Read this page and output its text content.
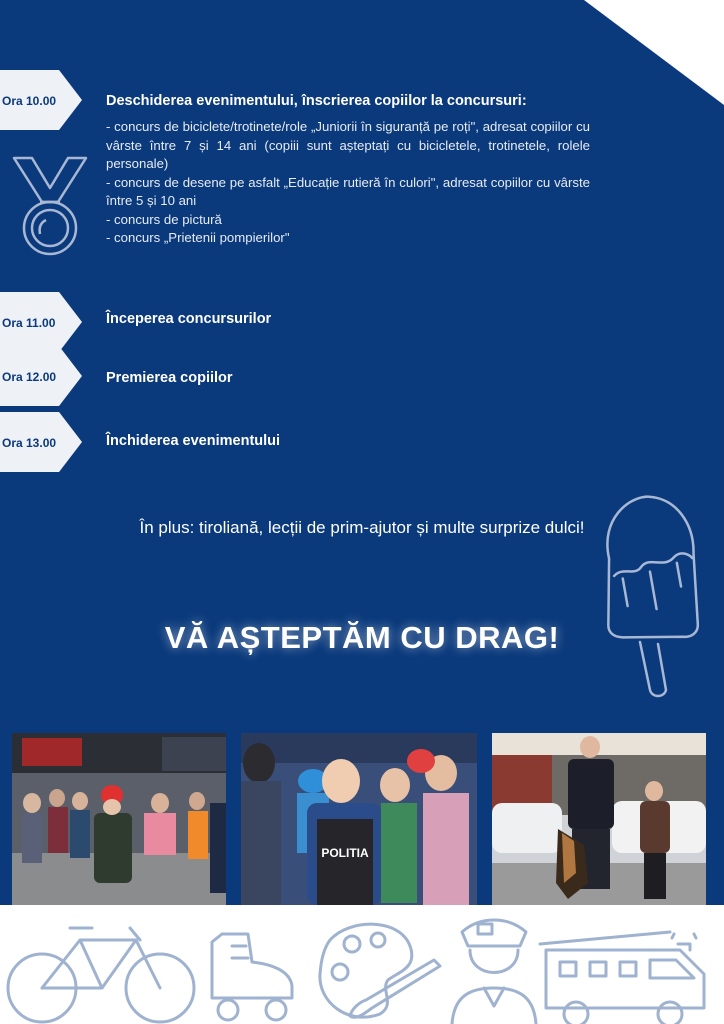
Ora 10.00
Ora 11.00
Ora 12.00
Ora 13.00
Deschiderea evenimentului, înscrierea copiilor la concursuri:
- concurs de biciclete/trotinete/role „Juniorii în siguranță pe roți", adresat copiilor cu vârste între 7 și 14 ani (copiii sunt așteptați cu bicicletele, trotinetele, rolele personale)
- concurs de desene pe asfalt „Educație rutieră în culori", adresat copiilor cu vârste între 5 și 10 ani
- concurs de pictură
- concurs „Prietenii pompierilor"
Începerea concursurilor
Premierea copiilor
Închiderea evenimentului
În plus: tiroliană, lecții de prim-ajutor și multe surprize dulci!
VĂ AȘTEPTĂM CU DRAG!
POLITIA
